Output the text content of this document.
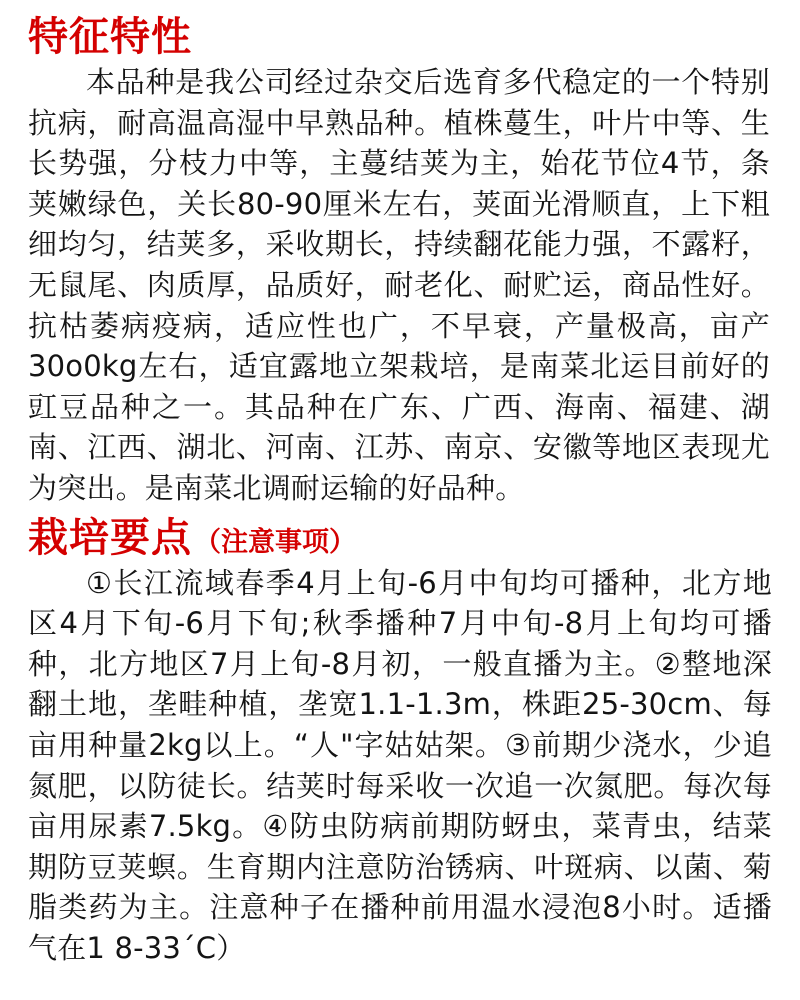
特征特性

本品种是我公司经过杂交后选育多代稳定的一个特别抗病，耐高温高湿中早熟品种。植株蔓生，叶片中等、生长势强，分枝力中等，主蔓结荚为主，始花节位4节，条荚嫩绿色，关长80-90厘米左右，荚面光滑顺直，上下粗细均匀，结荚多，采收期长，持续翻花能力强，不露籽，无鼠尾、肉质厚，品质好，耐老化、耐贮运，商品性好。抗枯萎病疫病，适应性也广，不早衰，产量极高，亩产30o0kg左右，适宜露地立架栽培，是南菜北运目前好的豇豆品种之一。其品种在广东、广西、海南、福建、湖南、江西、湖北、河南、江苏、南京、安徽等地区表现尤为突出。是南菜北调耐运输的好品种。

栽培要点 （注意事项）

①长江流域春季4月上旬-6月中旬均可播种，北方地区4月下旬-6月下旬;秋季播种7月中旬-8月上旬均可播种，北方地区7月上旬-8月初，一般直播为主。②整地深翻土地，垄畦种植，垄宽1.1-1.3m，株距25-30cm、每亩用种量2kg以上。“人"字姑姑架。③前期少浇水，少追氮肥，以防徒长。结荚时每采收一次追一次氮肥。每次每亩用尿素7.5kg。④防虫防病前期防蚜虫，菜青虫，结菜期防豆荚螟。生育期内注意防治锈病、叶斑病、以菌、菊脂类药为主。注意种子在播种前用温水浸泡8小时。适播气在1 8-33´C）
